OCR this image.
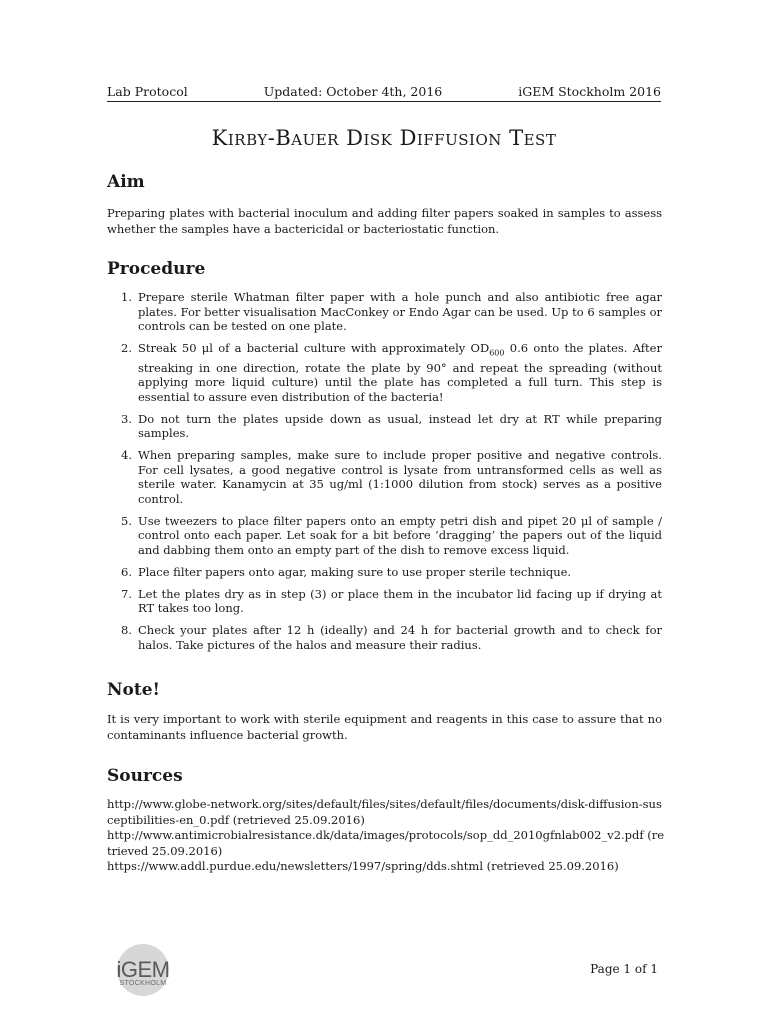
Lab Protocol	Updated: October 4th, 2016	iGEM Stockholm 2016
Kirby-Bauer Disk Diffusion Test
Aim

Preparing plates with bacterial inoculum and adding filter papers soaked in samples to assess whether the samples have a bactericidal or bacteriostatic function.

Procedure
1. Prepare sterile Whatman filter paper with a hole punch and also antibiotic free agar plates. For better visualisation MacConkey or Endo Agar can be used. Up to 6 samples or controls can be tested on one plate.
2. Streak 50 μl of a bacterial culture with approximately $OD_{600}$ 0.6 onto the plates. After streaking in one direction, rotate the plate by 90° and repeat the spreading (without applying more liquid culture) until the plate has completed a full turn. This step is essential to assure even distribution of the bacteria!
3. Do not turn the plates upside down as usual, instead let dry at RT while preparing samples.
4. When preparing samples, make sure to include proper positive and negative controls. For cell lysates, a good negative control is lysate from untransformed cells as well as sterile water. Kanamycin at 35 ug/ml (1:1000 dilution from stock) serves as a positive control.
5. Use tweezers to place filter papers onto an empty petri dish and pipet 20 μl of sample / control onto each paper. Let soak for a bit before ‘dragging’ the papers out of the liquid and dabbing them onto an empty part of the dish to remove excess liquid.
6. Place filter papers onto agar, making sure to use proper sterile technique.
7. Let the plates dry as in step (3) or place them in the incubator lid facing up if drying at RT takes too long.
8. Check your plates after 12 h (ideally) and 24 h for bacterial growth and to check for halos. Take pictures of the halos and measure their radius.
Note!

It is very important to work with sterile equipment and reagents in this case to assure that no contaminants influence bacterial growth.

Sources
http://www.globe-network.org/sites/default/files/sites/default/files/documents/disk-diffusion-susceptibilities-en_0.pdf (retrieved 25.09.2016)
http://www.antimicrobialresistance.dk/data/images/protocols/sop_dd_2010gfnlab002_v2.pdf (retrieved 25.09.2016)
https://www.addl.purdue.edu/newsletters/1997/spring/dds.shtml (retrieved 25.09.2016)
iGEM
STOCKHOLM
Page 1 of 1
